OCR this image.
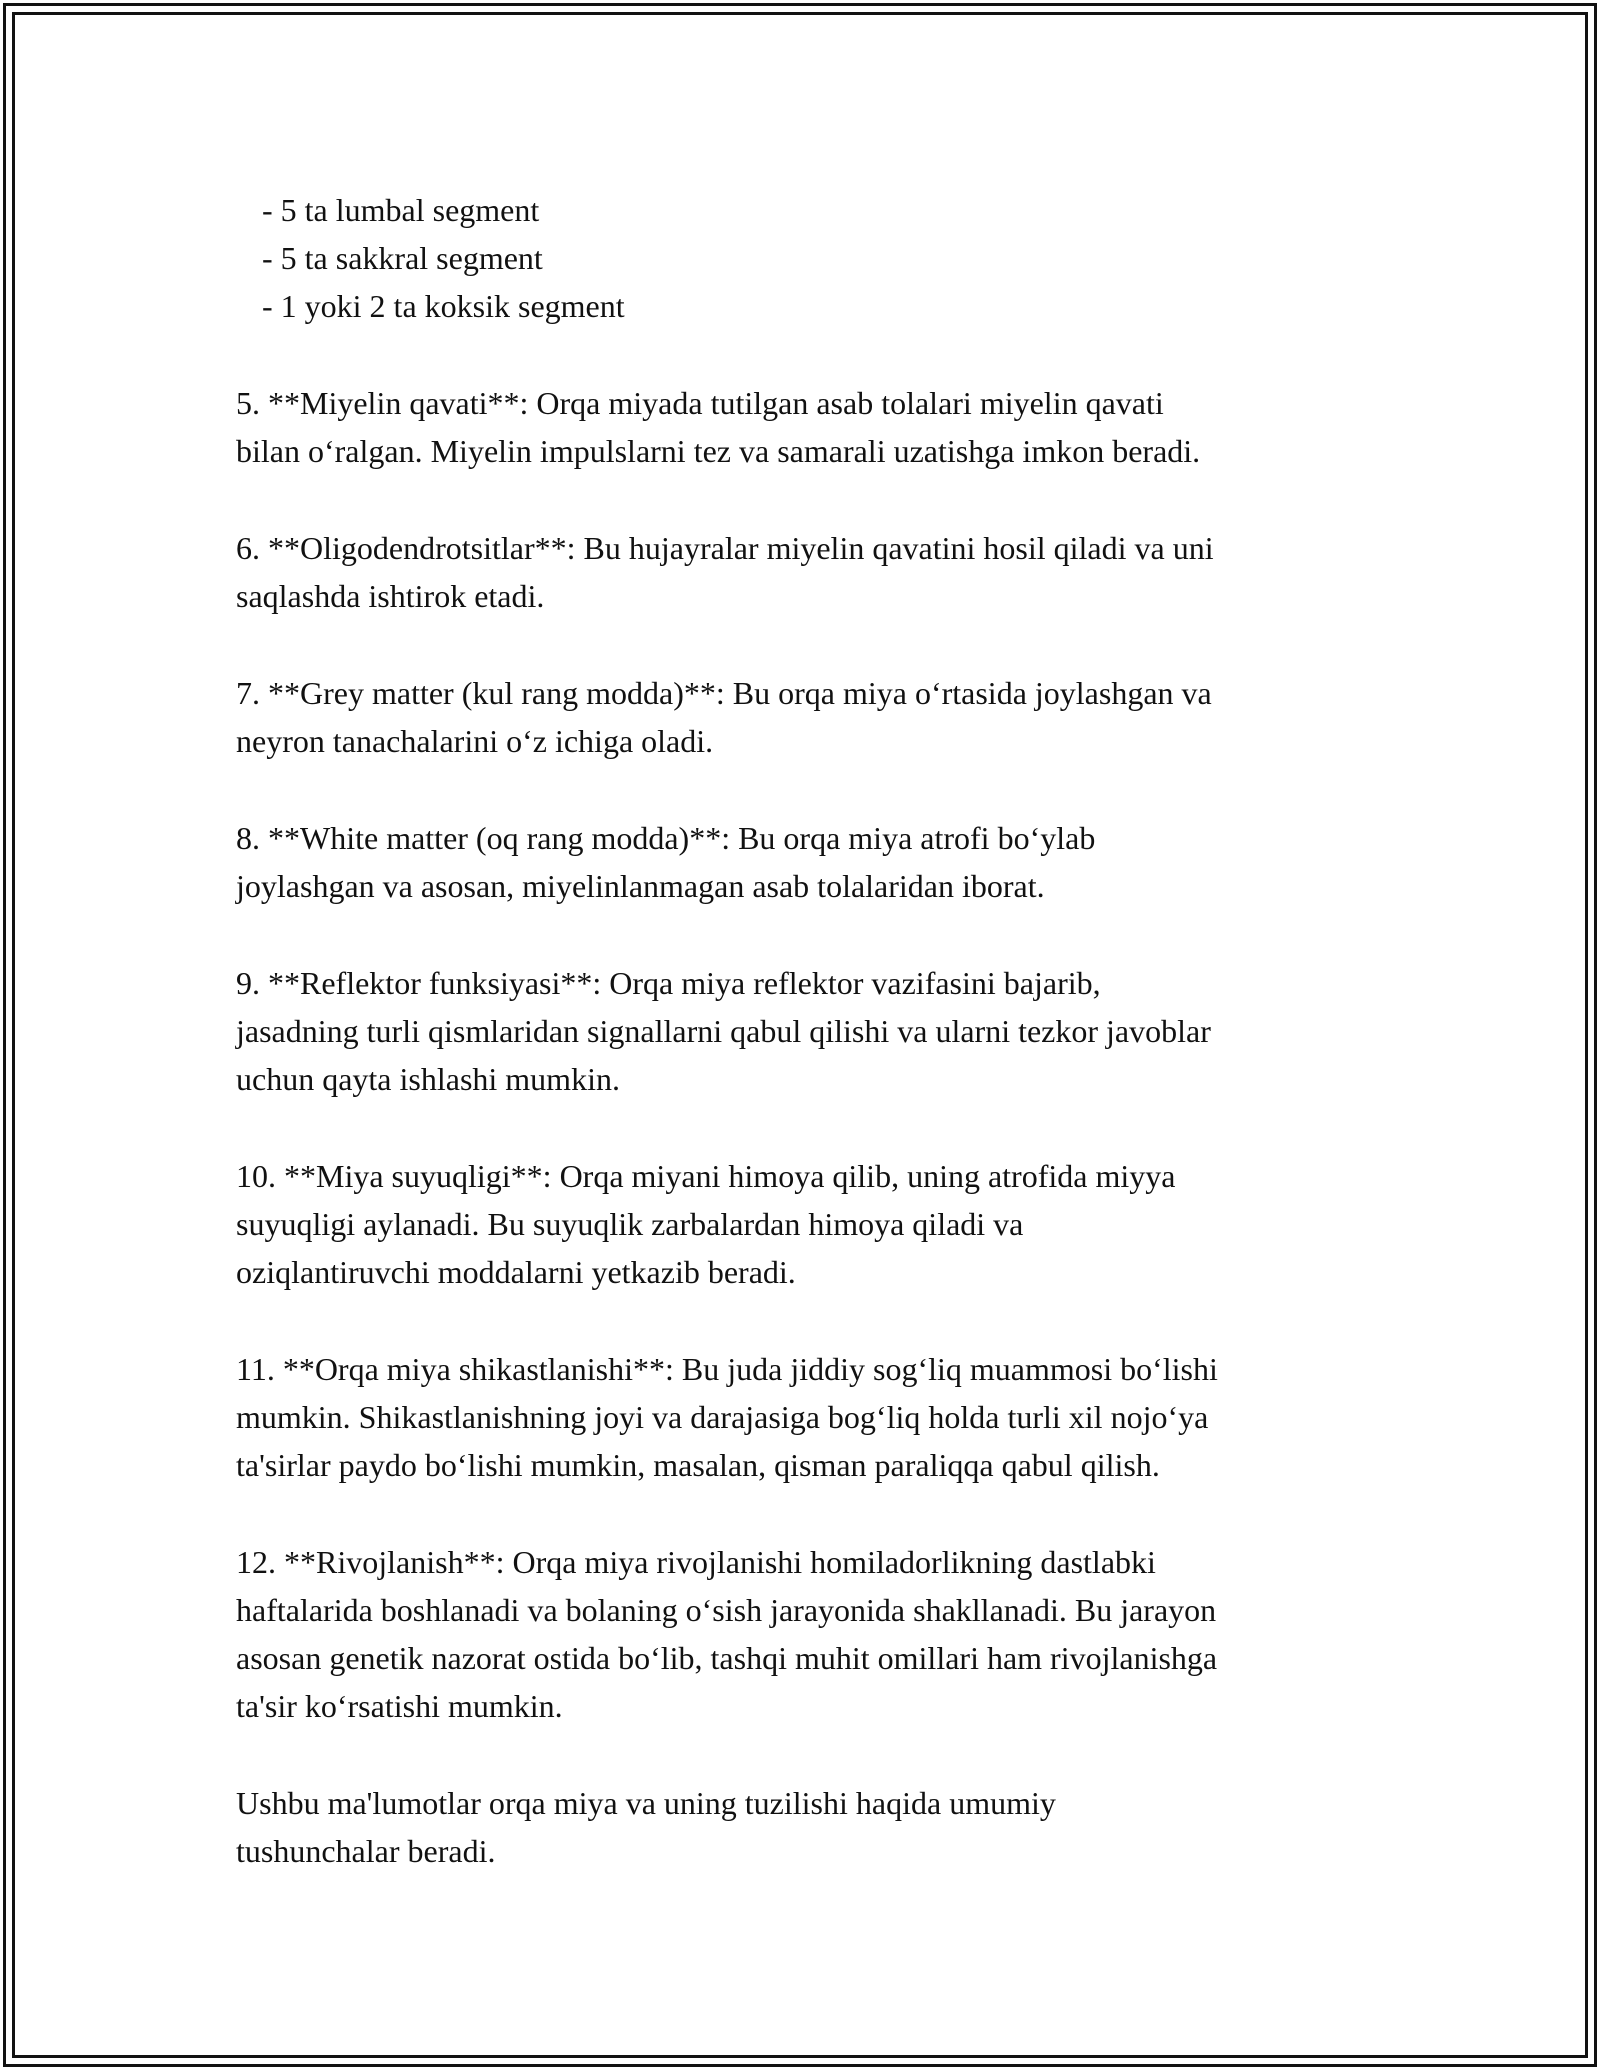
- 5 ta lumbal segment
- 5 ta sakkral segment
- 1 yoki 2 ta koksik segment

5. **Miyelin qavati**: Orqa miyada tutilgan asab tolalari miyelin qavati
bilan o‘ralgan. Miyelin impulslarni tez va samarali uzatishga imkon beradi.

6. **Oligodendrotsitlar**: Bu hujayralar miyelin qavatini hosil qiladi va uni
saqlashda ishtirok etadi.

7. **Grey matter (kul rang modda)**: Bu orqa miya o‘rtasida joylashgan va
neyron tanachalarini o‘z ichiga oladi.

8. **White matter (oq rang modda)**: Bu orqa miya atrofi bo‘ylab
joylashgan va asosan, miyelinlanmagan asab tolalaridan iborat.

9. **Reflektor funksiyasi**: Orqa miya reflektor vazifasini bajarib,
jasadning turli qismlaridan signallarni qabul qilishi va ularni tezkor javoblar
uchun qayta ishlashi mumkin.

10. **Miya suyuqligi**: Orqa miyani himoya qilib, uning atrofida miyya
suyuqligi aylanadi. Bu suyuqlik zarbalardan himoya qiladi va
oziqlantiruvchi moddalarni yetkazib beradi.

11. **Orqa miya shikastlanishi**: Bu juda jiddiy sog‘liq muammosi bo‘lishi
mumkin. Shikastlanishning joyi va darajasiga bog‘liq holda turli xil nojo‘ya
ta'sirlar paydo bo‘lishi mumkin, masalan, qisman paraliqqa qabul qilish.

12. **Rivojlanish**: Orqa miya rivojlanishi homiladorlikning dastlabki
haftalarida boshlanadi va bolaning o‘sish jarayonida shakllanadi. Bu jarayon
asosan genetik nazorat ostida bo‘lib, tashqi muhit omillari ham rivojlanishga
ta'sir ko‘rsatishi mumkin.

Ushbu ma'lumotlar orqa miya va uning tuzilishi haqida umumiy
tushunchalar beradi.
